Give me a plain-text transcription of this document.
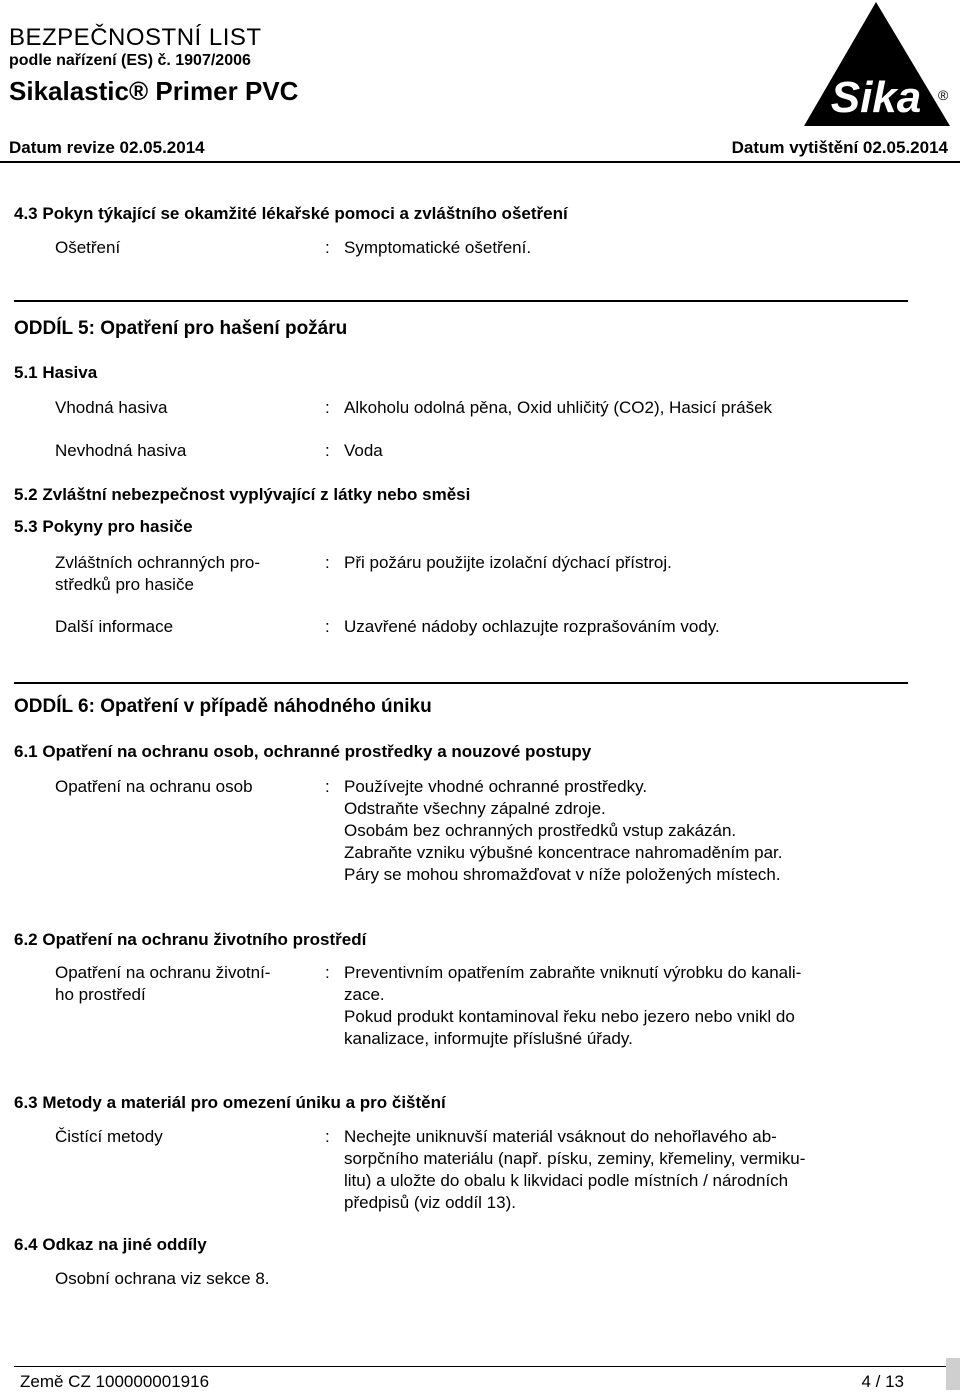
BEZPEČNOSTNÍ LIST
podle nařízení (ES) č. 1907/2006
Sikalastic® Primer PVC
Datum revize 02.05.2014	Datum vytištění 02.05.2014
Sika ®
4.3 Pokyn týkající se okamžité lékařské pomoci a zvláštního ošetření
Ošetření	: Symptomatické ošetření.
ODDÍL 5: Opatření pro hašení požáru
5.1 Hasiva
Vhodná hasiva	: Alkoholu odolná pěna, Oxid uhličitý (CO2), Hasicí prášek
Nevhodná hasiva	: Voda
5.2 Zvláštní nebezpečnost vyplývající z látky nebo směsi
5.3 Pokyny pro hasiče
Zvláštních ochranných pro-
středků pro hasiče
: Při požáru použijte izolační dýchací přístroj.
Další informace	: Uzavřené nádoby ochlazujte rozprašováním vody.
ODDÍL 6: Opatření v případě náhodného úniku
6.1 Opatření na ochranu osob, ochranné prostředky a nouzové postupy
Opatření na ochranu osob	: Používejte vhodné ochranné prostředky.
Odstraňte všechny zápalné zdroje.
Osobám bez ochranných prostředků vstup zakázán.
Zabraňte vzniku výbušné koncentrace nahromaděním par.
Páry se mohou shromažďovat v níže položených místech.
6.2 Opatření na ochranu životního prostředí
Opatření na ochranu životní-
ho prostředí
: Preventivním opatřením zabraňte vniknutí výrobku do kanali-
zace.
Pokud produkt kontaminoval řeku nebo jezero nebo vnikl do
kanalizace, informujte příslušné úřady.
6.3 Metody a materiál pro omezení úniku a pro čištění
Čistící metody	: Nechejte uniknuvší materiál vsáknout do nehořlavého ab-
sorpčního materiálu (např. písku, zeminy, křemeliny, vermiku-
litu) a uložte do obalu k likvidaci podle místních / národních
předpisů (viz oddíl 13).
6.4 Odkaz na jiné oddíly
Osobní ochrana viz sekce 8.
Země CZ 100000001916	4 / 13
